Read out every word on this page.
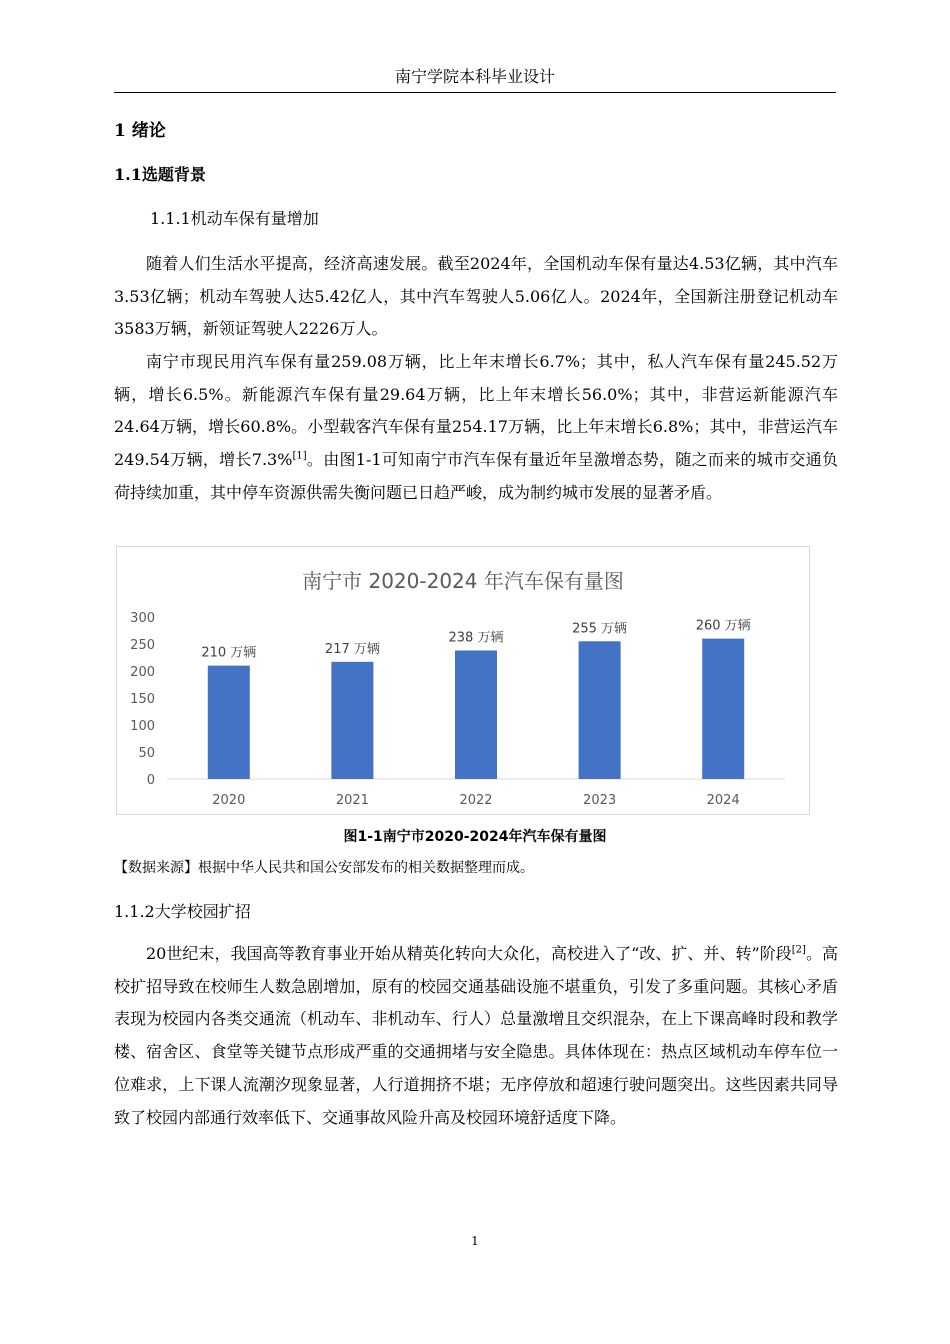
南宁学院本科毕业设计
1 绪论
1.1选题背景
1.1.1机动车保有量增加

随着人们生活水平提高，经济高速发展。截至2024年，全国机动车保有量达4.53亿辆，其中汽车3.53亿辆；机动车驾驶人达5.42亿人，其中汽车驾驶人5.06亿人。2024年，全国新注册登记机动车3583万辆，新领证驾驶人2226万人。

南宁市现民用汽车保有量259.08万辆，比上年末增长6.7%；其中，私人汽车保有量245.52万辆，增长6.5%。新能源汽车保有量29.64万辆，比上年末增长56.0%；其中，非营运新能源汽车24.64万辆，增长60.8%。小型载客汽车保有量254.17万辆，比上年末增长6.8%；其中，非营运汽车249.54万辆，增长7.3%[1]。由图1-1可知南宁市汽车保有量近年呈激增态势，随之而来的城市交通负荷持续加重，其中停车资源供需失衡问题已日趋严峻，成为制约城市发展的显著矛盾。

南宁市 2020-2024 年汽车保有量图
0
50
100
150
200
250
300
210 万辆
2020
217 万辆
2021
238 万辆
2022
255 万辆
2023
260 万辆
2024
图1-1南宁市2020-2024年汽车保有量图
【数据来源】根据中华人民共和国公安部发布的相关数据整理而成。
1.1.2大学校园扩招

20世纪末，我国高等教育事业开始从精英化转向大众化，高校进入了“改、扩、并、转”阶段[2]。高校扩招导致在校师生人数急剧增加，原有的校园交通基础设施不堪重负，引发了多重问题。其核心矛盾表现为校园内各类交通流（机动车、非机动车、行人）总量激增且交织混杂，在上下课高峰时段和教学楼、宿舍区、食堂等关键节点形成严重的交通拥堵与安全隐患。具体体现在：热点区域机动车停车位一位难求，上下课人流潮汐现象显著，人行道拥挤不堪；无序停放和超速行驶问题突出。这些因素共同导致了校园内部通行效率低下、交通事故风险升高及校园环境舒适度下降。

1
